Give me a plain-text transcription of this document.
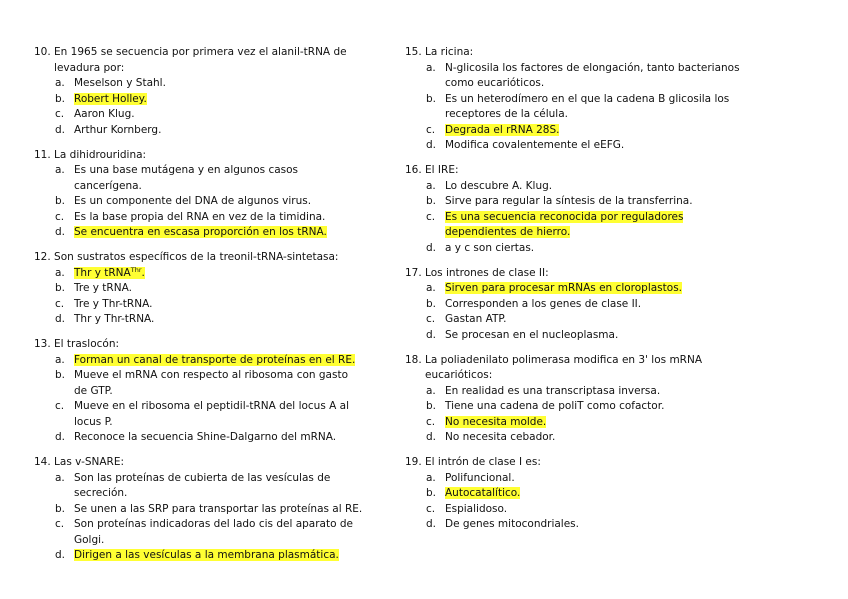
10.
En 1965 se secuencia por primera vez el alanil-tRNA de levadura por:
a. Meselson y Stahl.
b. Robert Holley.
c. Aaron Klug.
d. Arthur Kornberg.
11.
La dihidrouridina:
a. Es una base mutágena y en algunos casos cancerígena.
b. Es un componente del DNA de algunos virus.
c. Es la base propia del RNA en vez de la timidina.
d. Se encuentra en escasa proporción en los tRNA.
12.
Son sustratos específicos de la treonil-tRNA-sintetasa:
a. Thr y tRNA$^{Thr}$.
b. Tre y tRNA.
c. Tre y Thr-tRNA.
d. Thr y Thr-tRNA.
13.
El traslocón:
a. Forman un canal de transporte de proteínas en el RE.
b. Mueve el mRNA con respecto al ribosoma con gasto de GTP.
c. Mueve en el ribosoma el peptidil-tRNA del locus A al locus P.
d. Reconoce la secuencia Shine-Dalgarno del mRNA.
14.
Las v-SNARE:
a. Son las proteínas de cubierta de las vesículas de secreción.
b. Se unen a las SRP para transportar las proteínas al RE.
c. Son proteínas indicadoras del lado cis del aparato de Golgi.
d. Dirigen a las vesículas a la membrana plasmática.
15.
La ricina:
a. N-glicosila los factores de elongación, tanto bacterianos como eucarióticos.
b. Es un heterodímero en el que la cadena B glicosila los receptores de la célula.
c. Degrada el rRNA 28S.
d. Modifica covalentemente el eEFG.
16.
El IRE:
a. Lo descubre A. Klug.
b. Sirve para regular la síntesis de la transferrina.
c. Es una secuencia reconocida por reguladores dependientes de hierro.
d. a y c son ciertas.
17.
Los intrones de clase II:
a. Sirven para procesar mRNAs en cloroplastos.
b. Corresponden a los genes de clase II.
c. Gastan ATP.
d. Se procesan en el nucleoplasma.
18.
La poliadenilato polimerasa modifica en 3' los mRNA eucarióticos:
a. En realidad es una transcriptasa inversa.
b. Tiene una cadena de poliT como cofactor.
c. No necesita molde.
d. No necesita cebador.
19.
El intrón de clase I es:
a. Polifuncional.
b. Autocatalítico.
c. Espialidoso.
d. De genes mitocondriales.
